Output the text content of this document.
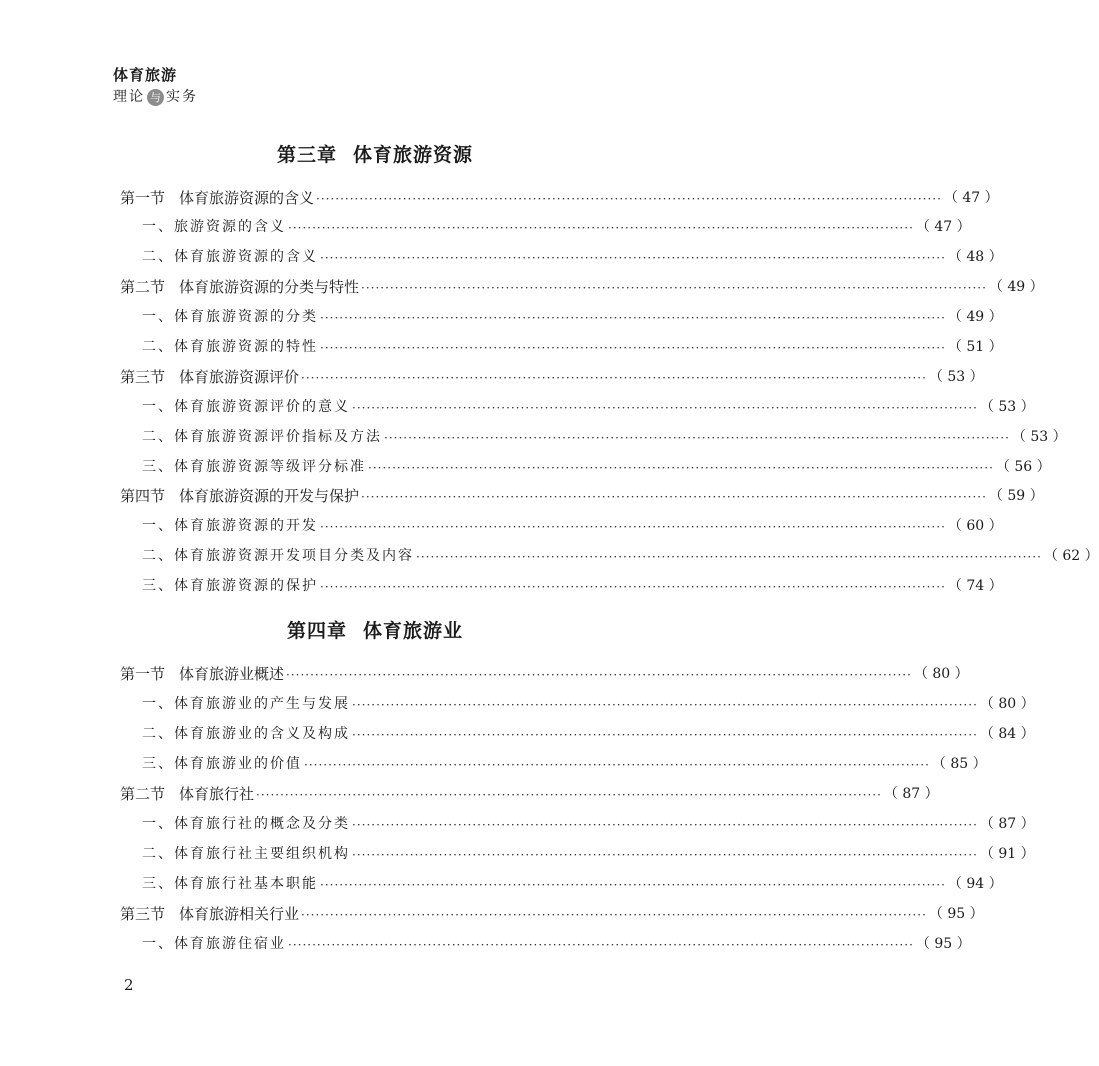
体育旅游
理论 与 实务
第三章 体育旅游资源
第一节 体育旅游资源的含义 ·································································································································· （ 47 ）
一、旅游资源的含义 ·································································································································· （ 47 ）
二、体育旅游资源的含义 ·································································································································· （ 48 ）
第二节 体育旅游资源的分类与特性 ·································································································································· （ 49 ）
一、体育旅游资源的分类 ·································································································································· （ 49 ）
二、体育旅游资源的特性 ·································································································································· （ 51 ）
第三节 体育旅游资源评价 ·································································································································· （ 53 ）
一、体育旅游资源评价的意义 ·································································································································· （ 53 ）
二、体育旅游资源评价指标及方法 ·································································································································· （ 53 ）
三、体育旅游资源等级评分标准 ·································································································································· （ 56 ）
第四节 体育旅游资源的开发与保护 ·································································································································· （ 59 ）
一、体育旅游资源的开发 ·································································································································· （ 60 ）
二、体育旅游资源开发项目分类及内容 ·································································································································· （ 62 ）
三、体育旅游资源的保护 ·································································································································· （ 74 ）
第四章 体育旅游业
第一节 体育旅游业概述 ·································································································································· （ 80 ）
一、体育旅游业的产生与发展 ·································································································································· （ 80 ）
二、体育旅游业的含义及构成 ·································································································································· （ 84 ）
三、体育旅游业的价值 ·································································································································· （ 85 ）
第二节 体育旅行社 ·································································································································· （ 87 ）
一、体育旅行社的概念及分类 ·································································································································· （ 87 ）
二、体育旅行社主要组织机构 ·································································································································· （ 91 ）
三、体育旅行社基本职能 ·································································································································· （ 94 ）
第三节 体育旅游相关行业 ·································································································································· （ 95 ）
一、体育旅游住宿业 ·································································································································· （ 95 ）
2
